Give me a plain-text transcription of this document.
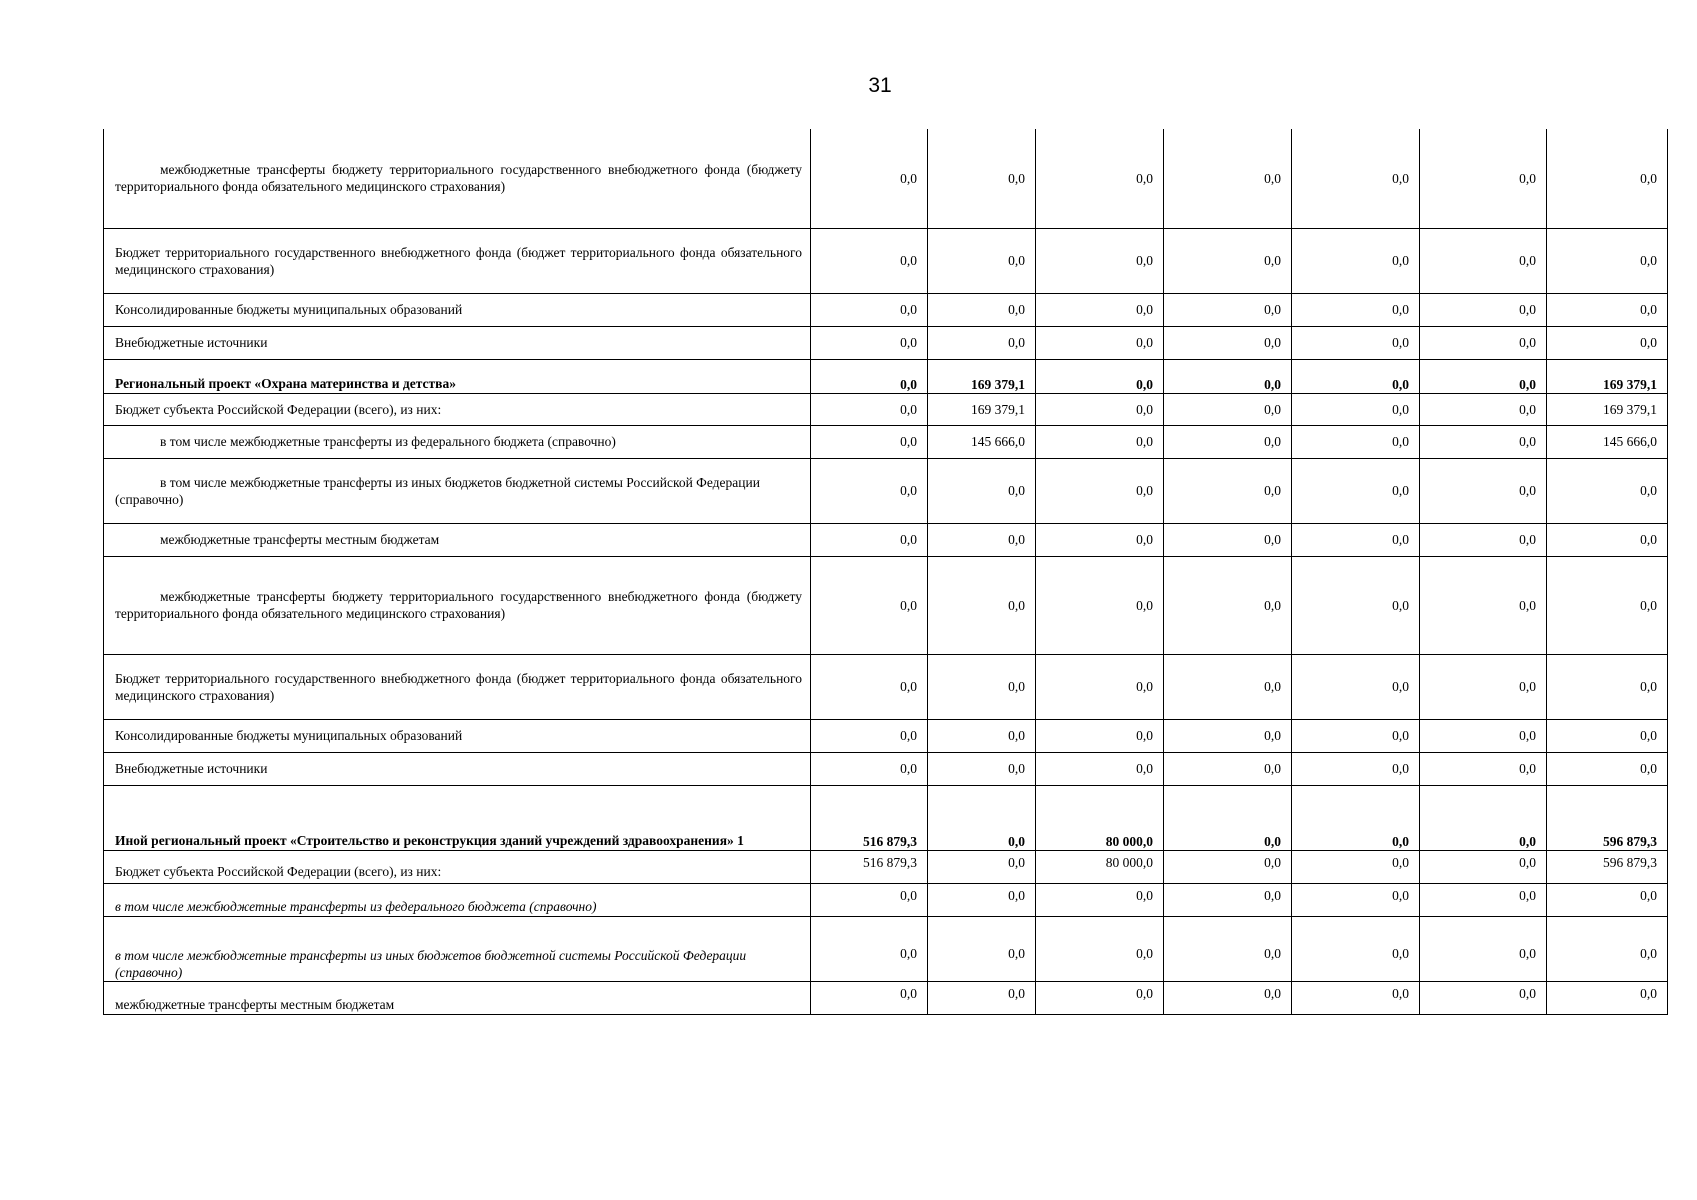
31
межбюджетные трансферты бюджету территориального государственного внебюджетного фонда (бюджету территориального фонда обязательного медицинского страхования)	0,0	0,0	0,0	0,0	0,0	0,0	0,0
Бюджет территориального государственного внебюджетного фонда (бюджет территориального фонда обязательного медицинского страхования)	0,0	0,0	0,0	0,0	0,0	0,0	0,0
Консолидированные бюджеты муниципальных образований	0,0	0,0	0,0	0,0	0,0	0,0	0,0
Внебюджетные источники	0,0	0,0	0,0	0,0	0,0	0,0	0,0
Региональный проект «Охрана материнства и детства»	0,0	169 379,1	0,0	0,0	0,0	0,0	169 379,1
Бюджет субъекта Российской Федерации (всего), из них:	0,0	169 379,1	0,0	0,0	0,0	0,0	169 379,1
в том числе межбюджетные трансферты из федерального бюджета (справочно)	0,0	145 666,0	0,0	0,0	0,0	0,0	145 666,0
в том числе межбюджетные трансферты из иных бюджетов бюджетной системы Российской Федерации (справочно)	0,0	0,0	0,0	0,0	0,0	0,0	0,0
межбюджетные трансферты местным бюджетам	0,0	0,0	0,0	0,0	0,0	0,0	0,0
межбюджетные трансферты бюджету территориального государственного внебюджетного фонда (бюджету территориального фонда обязательного медицинского страхования)	0,0	0,0	0,0	0,0	0,0	0,0	0,0
Бюджет территориального государственного внебюджетного фонда (бюджет территориального фонда обязательного медицинского страхования)	0,0	0,0	0,0	0,0	0,0	0,0	0,0
Консолидированные бюджеты муниципальных образований	0,0	0,0	0,0	0,0	0,0	0,0	0,0
Внебюджетные источники	0,0	0,0	0,0	0,0	0,0	0,0	0,0
Иной региональный проект «Строительство и реконструкция зданий учреждений здравоохранения» 1	516 879,3	0,0	80 000,0	0,0	0,0	0,0	596 879,3
Бюджет субъекта Российской Федерации (всего), из них:	516 879,3	0,0	80 000,0	0,0	0,0	0,0	596 879,3
в том числе межбюджетные трансферты из федерального бюджета (справочно)	0,0	0,0	0,0	0,0	0,0	0,0	0,0
в том числе межбюджетные трансферты из иных бюджетов бюджетной системы Российской Федерации (справочно)	0,0	0,0	0,0	0,0	0,0	0,0	0,0
межбюджетные трансферты местным бюджетам	0,0	0,0	0,0	0,0	0,0	0,0	0,0
